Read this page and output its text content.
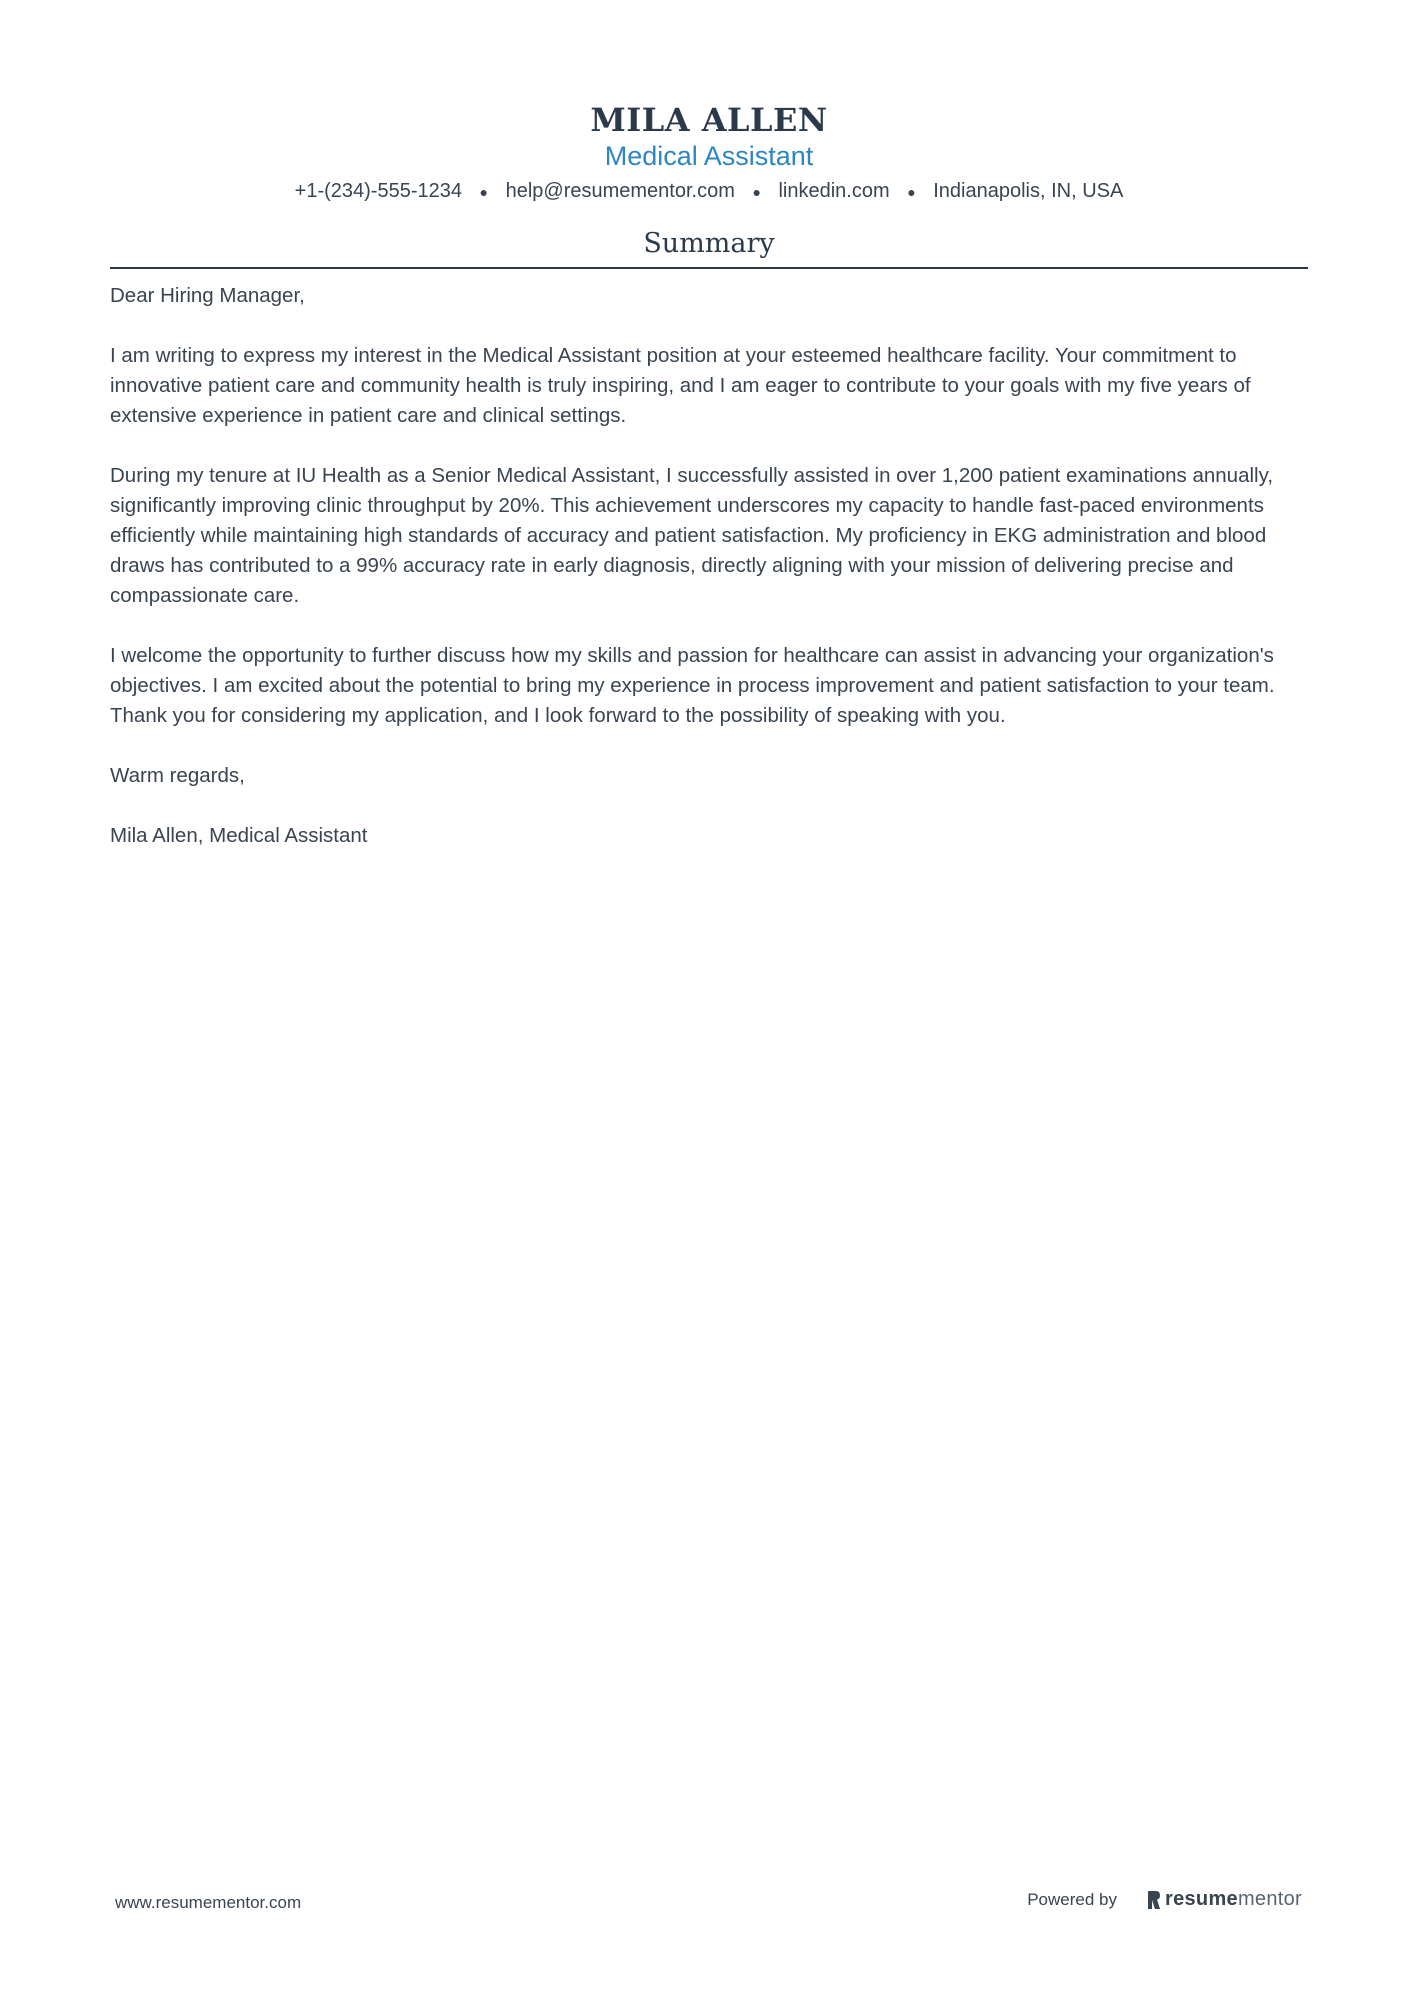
MILA ALLEN
Medical Assistant
+1-(234)-555-1234 ● help@resumementor.com ● linkedin.com ● Indianapolis, IN, USA
Summary

Dear Hiring Manager,

I am writing to express my interest in the Medical Assistant position at your esteemed healthcare facility. Your commitment to innovative patient care and community health is truly inspiring, and I am eager to contribute to your goals with my five years of extensive experience in patient care and clinical settings.

During my tenure at IU Health as a Senior Medical Assistant, I successfully assisted in over 1,200 patient examinations annually, significantly improving clinic throughput by 20%. This achievement underscores my capacity to handle fast-paced environments efficiently while maintaining high standards of accuracy and patient satisfaction. My proficiency in EKG administration and blood draws has contributed to a 99% accuracy rate in early diagnosis, directly aligning with your mission of delivering precise and compassionate care.

I welcome the opportunity to further discuss how my skills and passion for healthcare can assist in advancing your organization's objectives. I am excited about the potential to bring my experience in process improvement and patient satisfaction to your team. Thank you for considering my application, and I look forward to the possibility of speaking with you.

Warm regards,

Mila Allen, Medical Assistant

www.resumementor.com	Powered by resume mentor
